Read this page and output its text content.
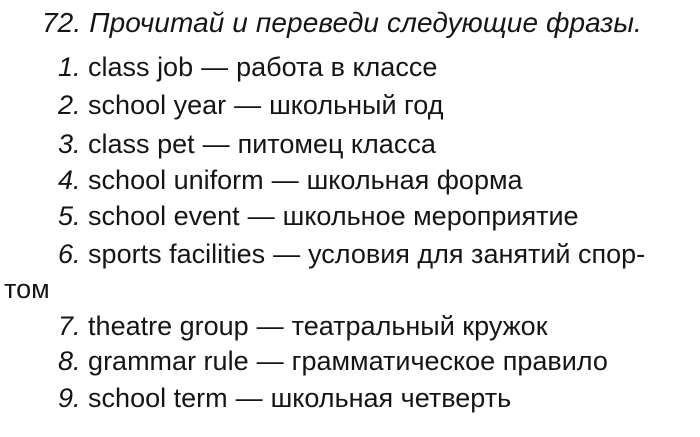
72. Прочитай и переведи следующие фразы.
1. class job — работа в классе
2. school year — школьный год
3. class pet — питомец класса
4. school uniform — школьная форма
5. school event — школьное мероприятие
6. sports facilities — условия для занятий спор-
том
7. theatre group — театральный кружок
8. grammar rule — грамматическое правило
9. school term — школьная четверть
